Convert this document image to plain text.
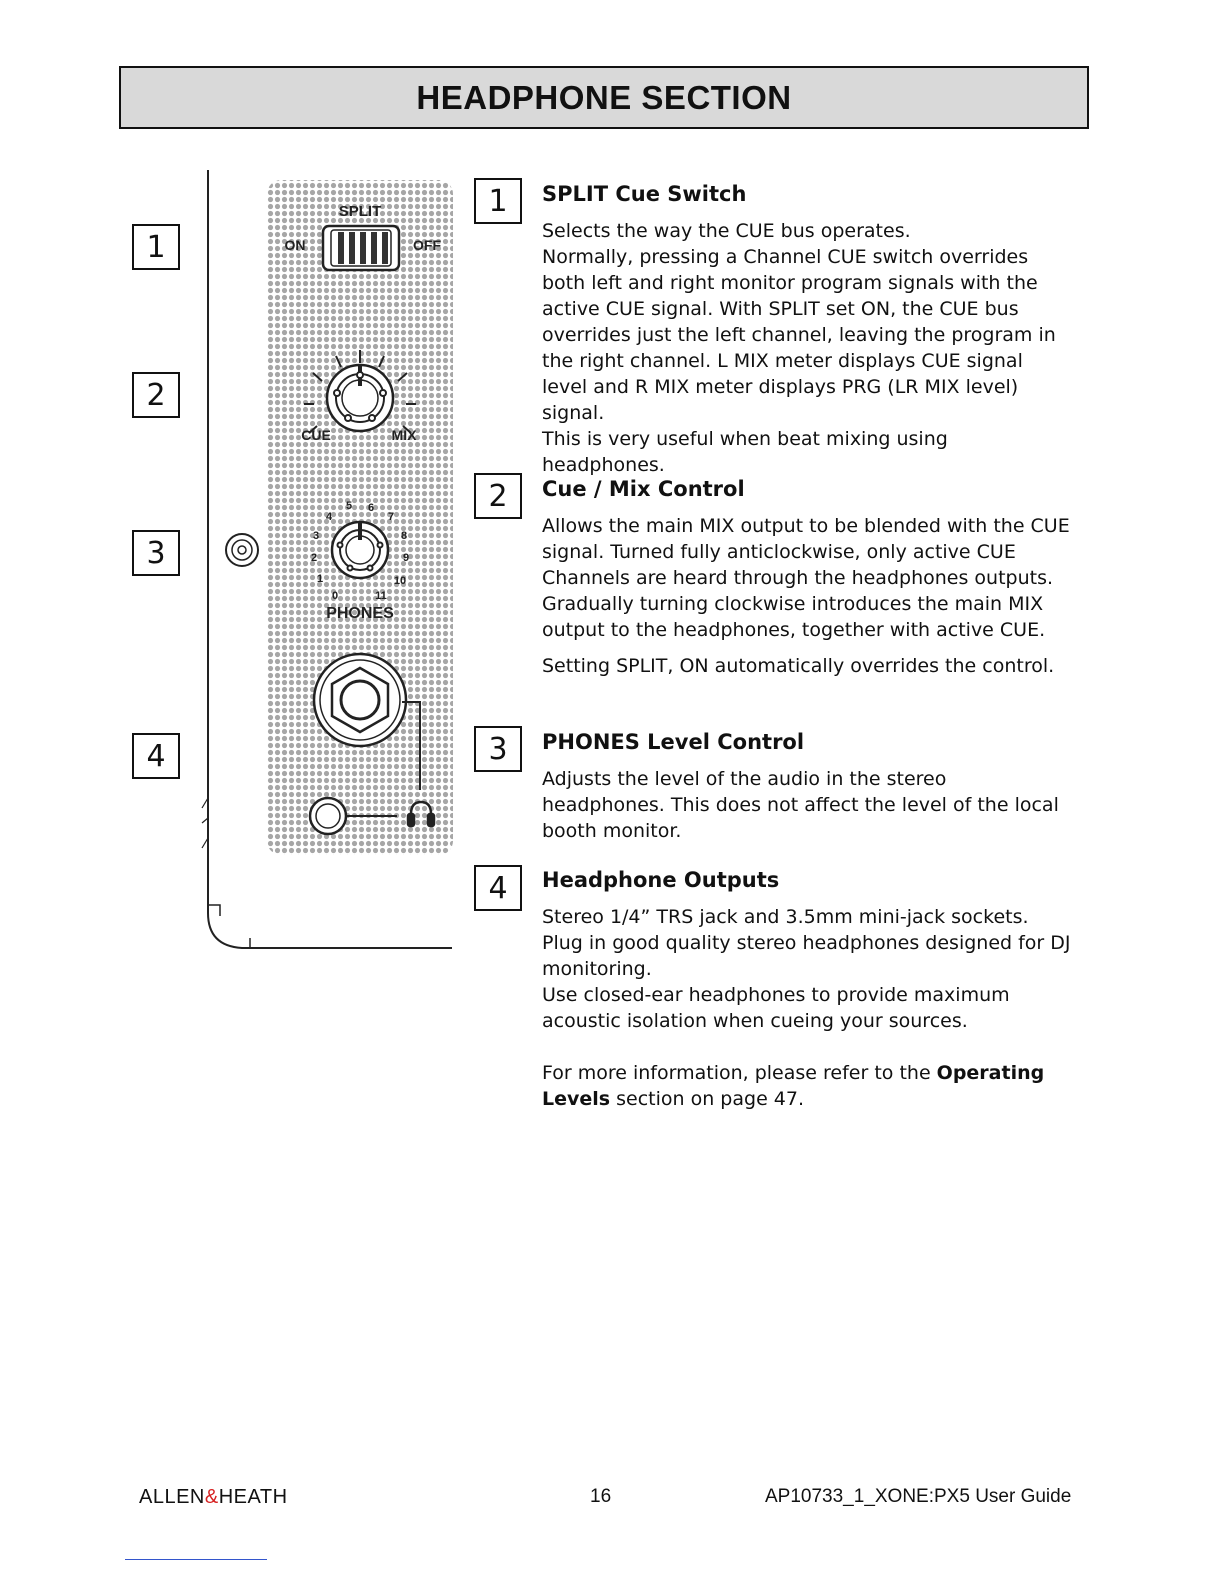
HEADPHONE SECTION
1
2
3
4
SPLIT
ON	OFF
CUE	MIX
0
1
2
3
4
5 6
7
8
9
10
11
PHONES
1
2
3
4
SPLIT Cue Switch

Selects the way the CUE bus operates.
Normally, pressing a Channel CUE switch overrides both left and right monitor program signals with the active CUE signal. With SPLIT set ON, the CUE bus overrides just the left channel, leaving the program in the right channel. L MIX meter displays CUE signal level and R MIX meter displays PRG (LR MIX level) signal.
This is very useful when beat mixing using headphones.

Cue / Mix Control

Allows the main MIX output to be blended with the CUE signal. Turned fully anticlockwise, only active CUE Channels are heard through the headphones outputs. Gradually turning clockwise introduces the main MIX output to the headphones, together with active CUE.

Setting SPLIT, ON automatically overrides the control.

PHONES Level Control

Adjusts the level of the audio in the stereo headphones. This does not affect the level of the local booth monitor.

Headphone Outputs

Stereo 1/4” TRS jack and 3.5mm mini-jack sockets.
Plug in good quality stereo headphones designed for DJ monitoring.
Use closed-ear headphones to provide maximum acoustic isolation when cueing your sources.

For more information, please refer to the Operating Levels section on page 47.

ALLEN&HEATH	16	AP10733_1_XONE:PX5 User Guide
